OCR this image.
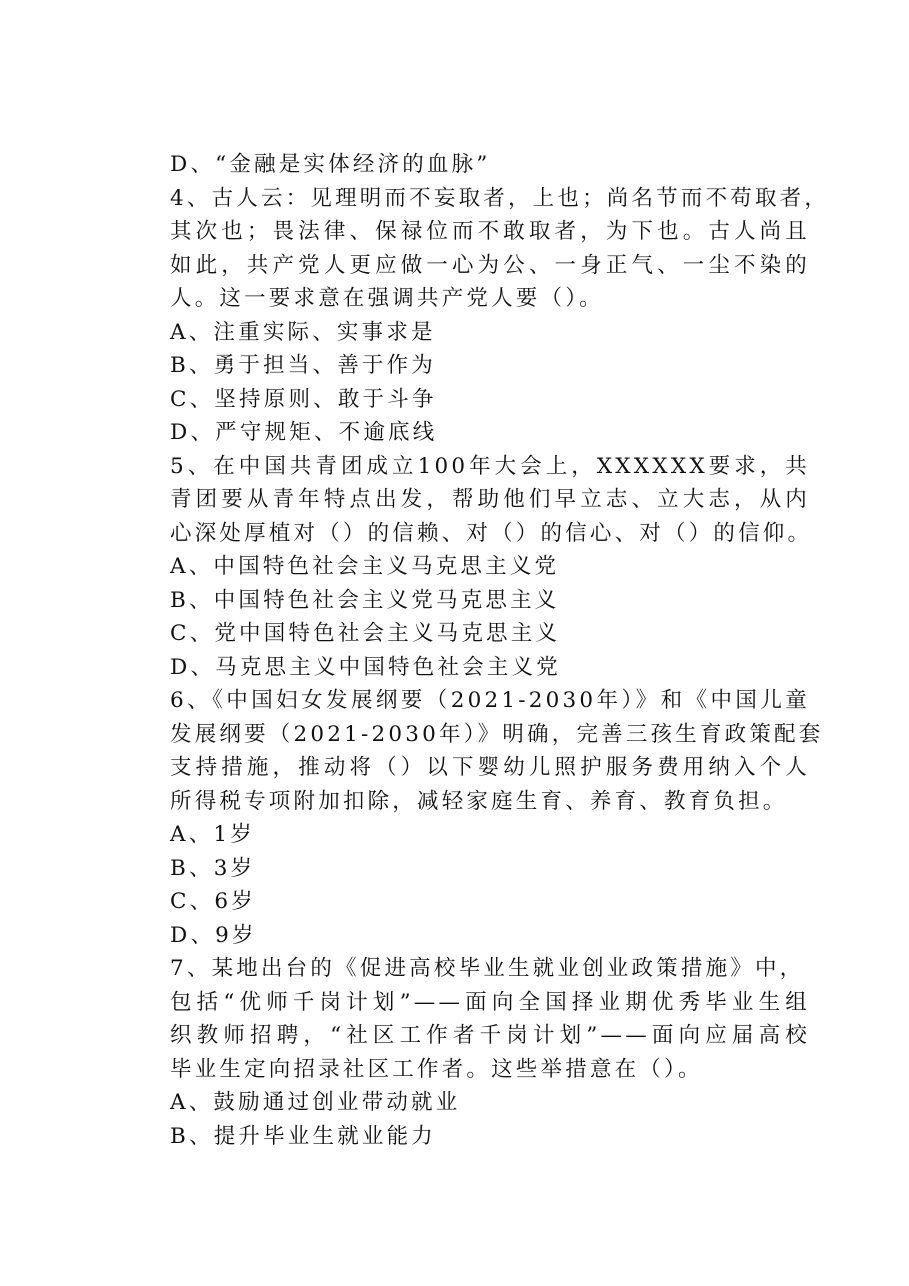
D、“金融是实体经济的血脉”
4、古人云：见理明而不妄取者，上也；尚名节而不苟取者，
其次也；畏法律、保禄位而不敢取者，为下也。古人尚且
如此，共产党人更应做一心为公、一身正气、一尘不染的
人。这一要求意在强调共产党人要（）。
A、注重实际、实事求是
B、勇于担当、善于作为
C、坚持原则、敢于斗争
D、严守规矩、不逾底线
5、在中国共青团成立100年大会上，XXXXXX要求，共
青团要从青年特点出发，帮助他们早立志、立大志，从内
心深处厚植对（）的信赖、对（）的信心、对（）的信仰。
A、中国特色社会主义马克思主义党
B、中国特色社会主义党马克思主义
C、党中国特色社会主义马克思主义
D、马克思主义中国特色社会主义党
6、《中国妇女发展纲要（2021-2030年）》和《中国儿童
发展纲要（2021-2030年）》明确，完善三孩生育政策配套
支持措施，推动将（）以下婴幼儿照护服务费用纳入个人
所得税专项附加扣除，减轻家庭生育、养育、教育负担。
A、1岁
B、3岁
C、6岁
D、9岁
7、某地出台的《促进高校毕业生就业创业政策措施》中，
包括“优师千岗计划”——面向全国择业期优秀毕业生组
织教师招聘，“社区工作者千岗计划”——面向应届高校
毕业生定向招录社区工作者。这些举措意在（）。
A、鼓励通过创业带动就业
B、提升毕业生就业能力
